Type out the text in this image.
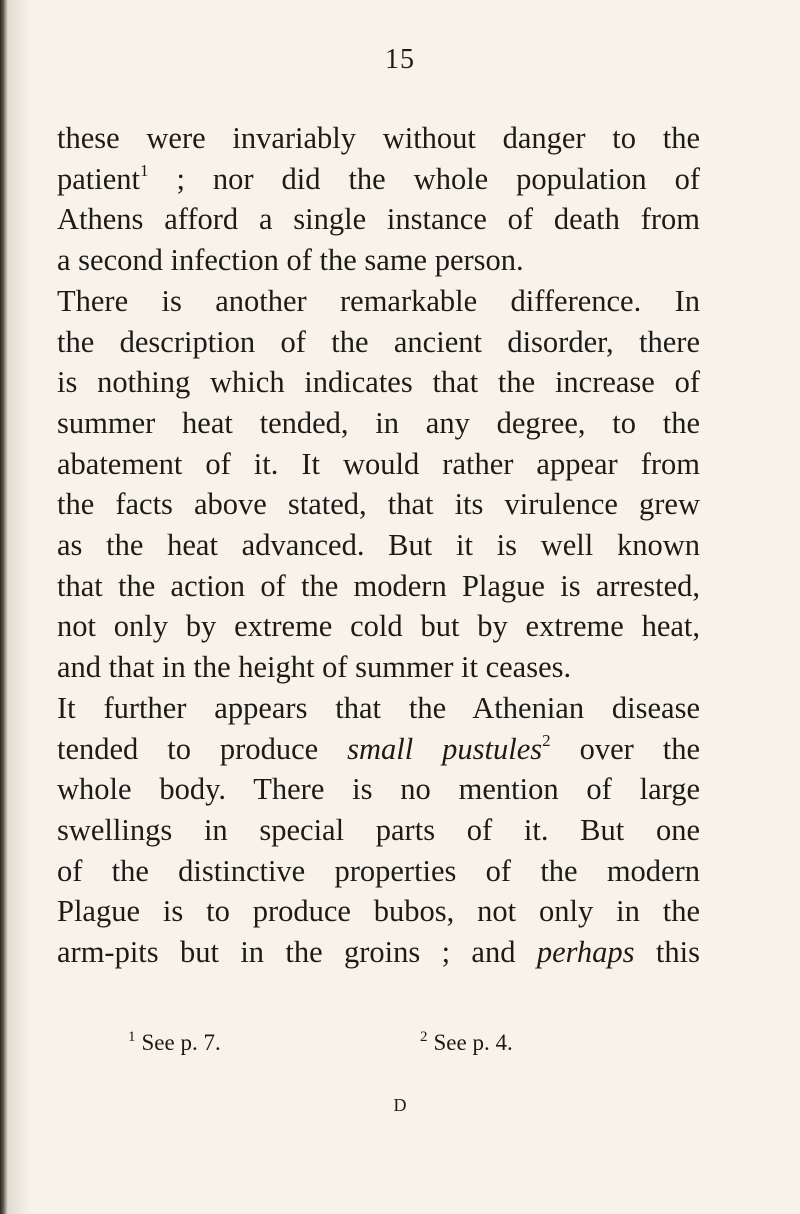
15
these were invariably without danger to the
patient$^1$ ; nor did the whole population of
Athens afford a single instance of death from
a second infection of the same person.
There is another remarkable difference. In
the description of the ancient disorder, there
is nothing which indicates that the increase of
summer heat tended, in any degree, to the
abatement of it. It would rather appear from
the facts above stated, that its virulence grew
as the heat advanced. But it is well known
that the action of the modern Plague is arrested,
not only by extreme cold but by extreme heat,
and that in the height of summer it ceases.
It further appears that the Athenian disease
tended to produce small pustules$^2$ over the
whole body. There is no mention of large
swellings in special parts of it. But one
of the distinctive properties of the modern
Plague is to produce bubos, not only in the
arm-pits but in the groins ; and perhaps this
$^1$ See p. 7.	$^2$ See p. 4.
D
